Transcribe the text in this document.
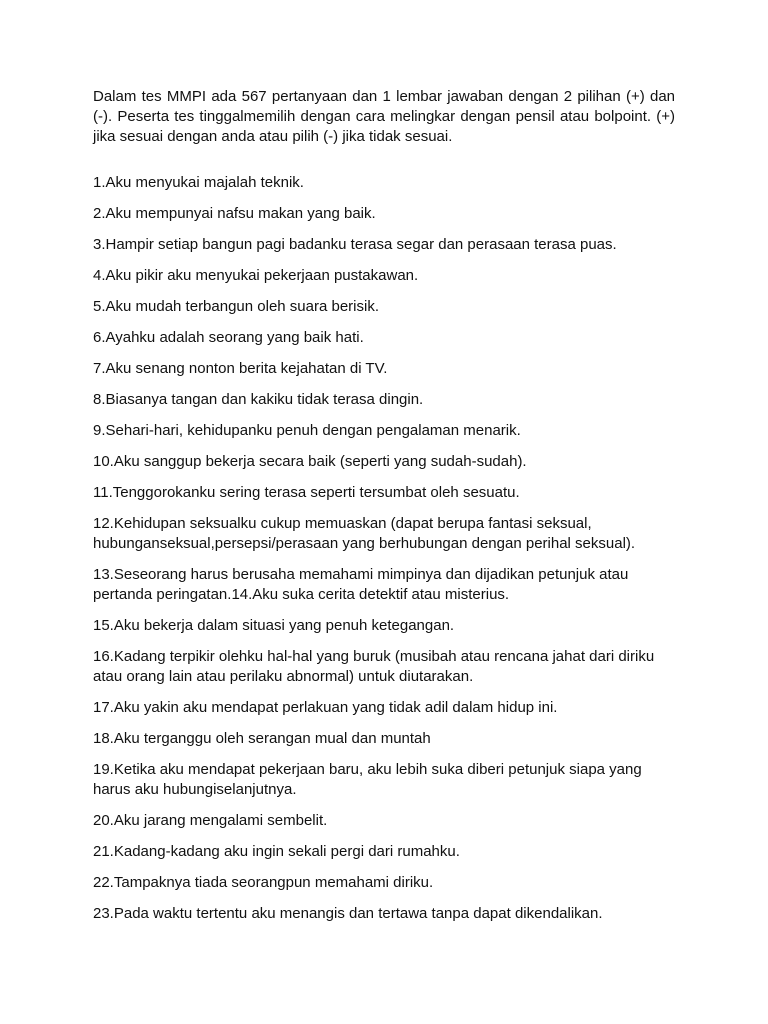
Dalam tes MMPI ada 567 pertanyaan dan 1 lembar jawaban dengan 2 pilihan (+) dan (-). Peserta tes tinggalmemilih dengan cara melingkar dengan pensil atau bolpoint. (+) jika sesuai dengan anda atau pilih (-) jika tidak sesuai.

1.Aku menyukai majalah teknik.
2.Aku mempunyai nafsu makan yang baik.
3.Hampir setiap bangun pagi badanku terasa segar dan perasaan terasa puas.
4.Aku pikir aku menyukai pekerjaan pustakawan.
5.Aku mudah terbangun oleh suara berisik.
6.Ayahku adalah seorang yang baik hati.
7.Aku senang nonton berita kejahatan di TV.
8.Biasanya tangan dan kakiku tidak terasa dingin.
9.Sehari-hari, kehidupanku penuh dengan pengalaman menarik.
10.Aku sanggup bekerja secara baik (seperti yang sudah-sudah).
11.Tenggorokanku sering terasa seperti tersumbat oleh sesuatu.
12.Kehidupan seksualku cukup memuaskan (dapat berupa fantasi seksual, hubunganseksual,persepsi/perasaan yang berhubungan dengan perihal seksual).
13.Seseorang harus berusaha memahami mimpinya dan dijadikan petunjuk atau pertanda peringatan.14.Aku suka cerita detektif atau misterius.
15.Aku bekerja dalam situasi yang penuh ketegangan.
16.Kadang terpikir olehku hal-hal yang buruk (musibah atau rencana jahat dari diriku atau orang lain atau perilaku abnormal) untuk diutarakan.
17.Aku yakin aku mendapat perlakuan yang tidak adil dalam hidup ini.
18.Aku terganggu oleh serangan mual dan muntah
19.Ketika aku mendapat pekerjaan baru, aku lebih suka diberi petunjuk siapa yang harus aku hubungiselanjutnya.
20.Aku jarang mengalami sembelit.
21.Kadang-kadang aku ingin sekali pergi dari rumahku.
22.Tampaknya tiada seorangpun memahami diriku.
23.Pada waktu tertentu aku menangis dan tertawa tanpa dapat dikendalikan.
